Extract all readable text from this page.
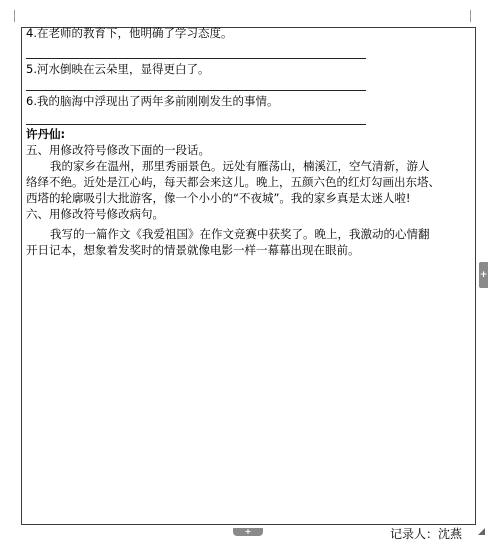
4.在老师的教育下，他明确了学习态度。
5.河水倒映在云朵里，显得更白了。
6.我的脑海中浮现出了两年多前刚刚发生的事情。
许丹仙:
五、用修改符号修改下面的一段话。
我的家乡在温州，那里秀丽景色。远处有雁荡山，楠溪江，空气清新，游人
络绎不绝。近处是江心屿，每天都会来这儿。晚上，五颜六色的红灯勾画出东塔、
西塔的轮廓吸引大批游客，像一个小小的“不夜城”。我的家乡真是太迷人啦!
六、用修改符号修改病句。
我写的一篇作文《我爱祖国》在作文竞赛中获奖了。晚上，我激动的心情翻
开日记本，想象着发奖时的情景就像电影一样一幕幕出现在眼前。
+
+	记录人：沈燕
